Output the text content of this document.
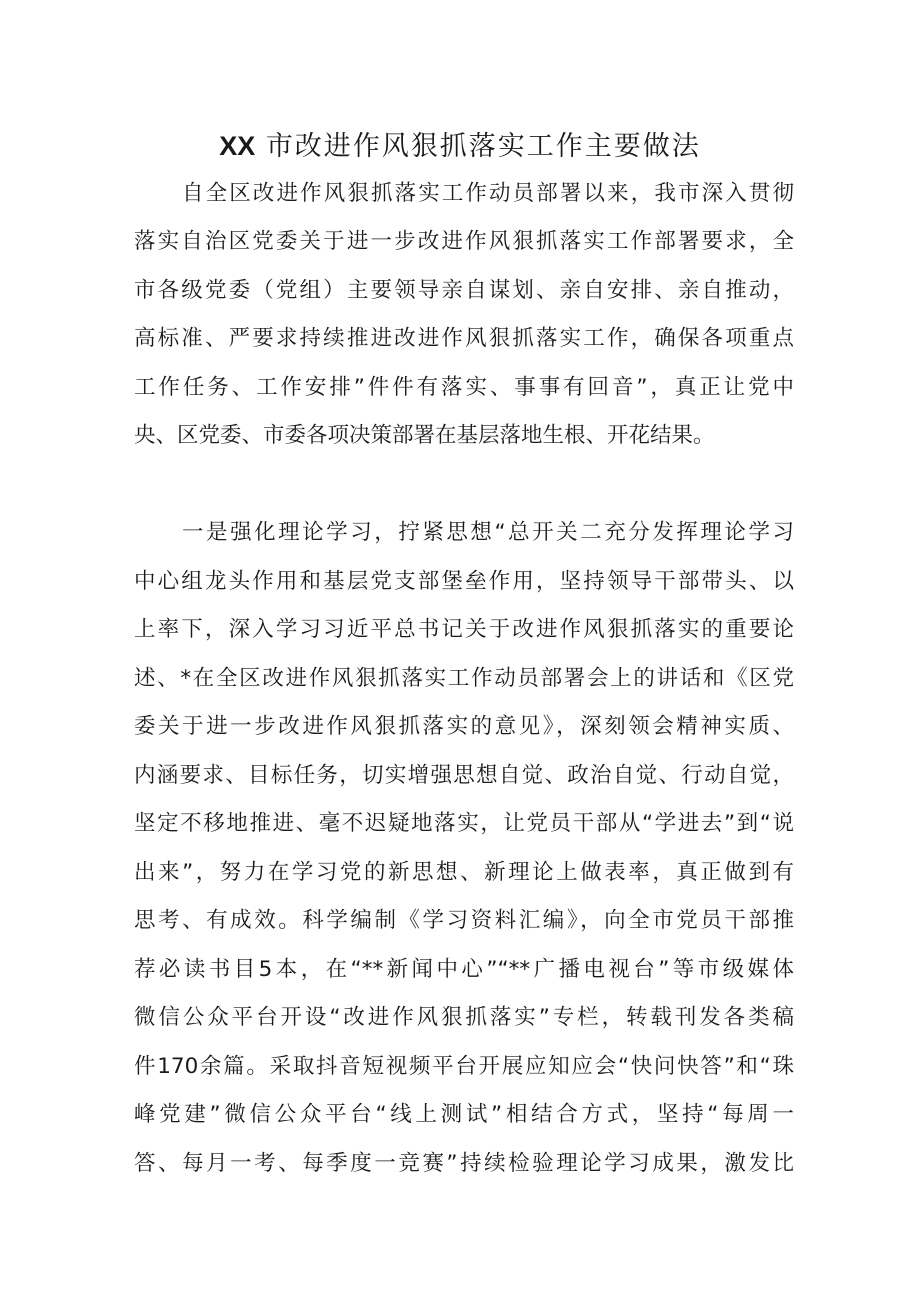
XX 市改进作风狠抓落实工作主要做法
自全区改进作风狠抓落实工作动员部署以来，我市深入贯彻
落实自治区党委关于进一步改进作风狠抓落实工作部署要求，全
市各级党委（党组）主要领导亲自谋划、亲自安排、亲自推动，
高标准、严要求持续推进改进作风狠抓落实工作，确保各项重点
工作任务、工作安排”件件有落实、事事有回音”，真正让党中
央、区党委、市委各项决策部署在基层落地生根、开花结果。
一是强化理论学习，拧紧思想“总开关二充分发挥理论学习
中心组龙头作用和基层党支部堡垒作用，坚持领导干部带头、以
上率下，深入学习习近平总书记关于改进作风狠抓落实的重要论
述、*在全区改进作风狠抓落实工作动员部署会上的讲话和《区党
委关于进一步改进作风狠抓落实的意见》，深刻领会精神实质、
内涵要求、目标任务，切实增强思想自觉、政治自觉、行动自觉，
坚定不移地推进、毫不迟疑地落实，让党员干部从“学进去”到“说
出来”，努力在学习党的新思想、新理论上做表率，真正做到有
思考、有成效。科学编制《学习资料汇编》，向全市党员干部推
荐必读书目5本，在“**新闻中心”“**广播电视台”等市级媒体
微信公众平台开设“改进作风狠抓落实”专栏，转载刊发各类稿
件170余篇。采取抖音短视频平台开展应知应会“快问快答”和“珠
峰党建”微信公众平台“线上测试”相结合方式，坚持“每周一
答、每月一考、每季度一竞赛”持续检验理论学习成果，激发比
